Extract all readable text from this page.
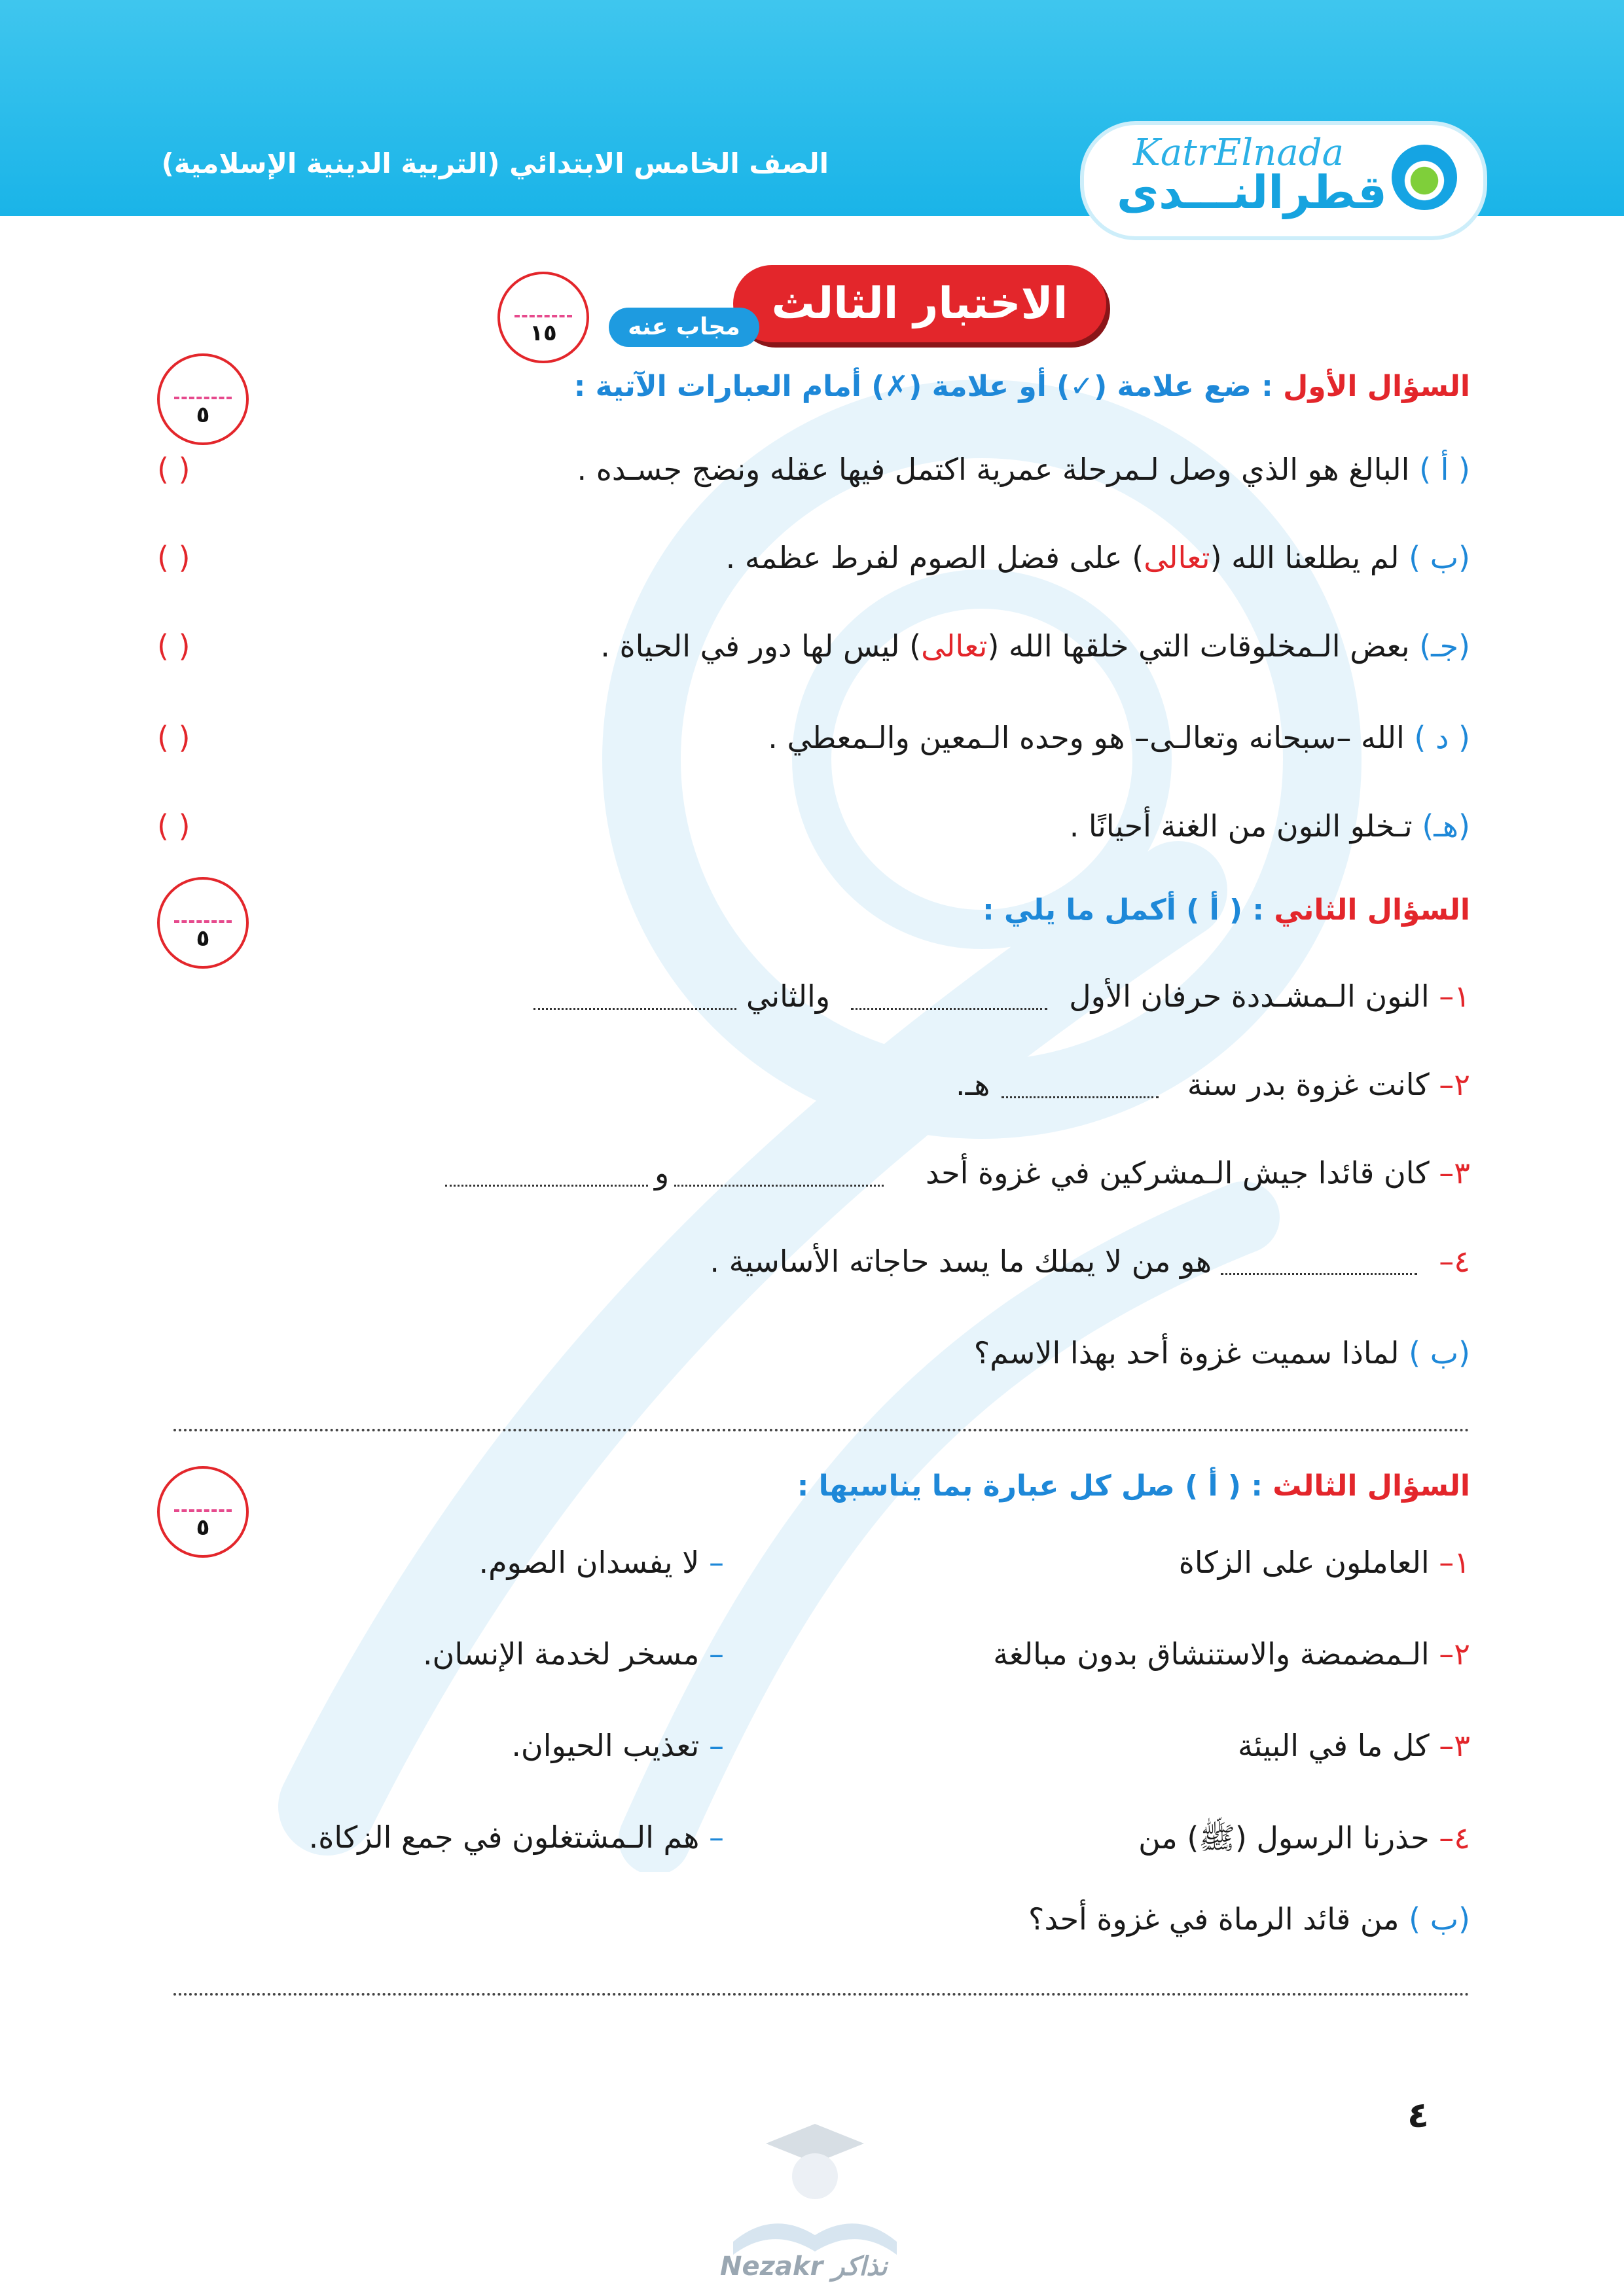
الصف الخامس الابتدائي (التربية الدينية الإسلامية)	KatrElnada
قطرالنـــدى
الاختبار الثالث
مجاب عنه
١٥
٥
السؤال الأول : ضع علامة (✓) أو علامة (✗) أمام العبارات الآتية :
( أ ) البالغ هو الذي وصل لـمرحلة عمرية اكتمل فيها عقله ونضج جسـده .
(ب ) لم يطلعنا الله (تعالى) على فضل الصوم لفرط عظمه .
(جـ) بعض الـمخلوقات التي خلقها الله (تعالى) ليس لها دور في الحياة .
( د ) الله –سبحانه وتعالـى– هو وحده الـمعين والـمعطي .
(هـ) تـخلو النون من الغنة أحيانًا .
( )
( )
( )
( )
( )
٥
السؤال الثاني : ( أ ) أكمل ما يلي :
١– النون الـمشـددة حرفان الأول
والثاني
٢– كانت غزوة بدر سنة
هـ.
٣– كان قائدا جيش الـمشركين في غزوة أحد
و
٤–
هو من لا يملك ما يسد حاجاته الأساسية .
(ب ) لماذا سميت غزوة أحد بهذا الاسم؟
٥
السؤال الثالث : ( أ ) صل كل عبارة بما يناسبها :
١– العاملون على الزكاة
٢– الـمضمضة والاستنشاق بدون مبالغة
٣– كل ما في البيئة
٤– حذرنا الرسول (ﷺ) من
– لا يفسدان الصوم.
– مسخر لخدمة الإنسان.
– تعذيب الحيوان.
– هم الـمشتغلون في جمع الزكاة.
(ب ) من قائد الرماة في غزوة أحد؟
٤
Nezakr نذاكر
